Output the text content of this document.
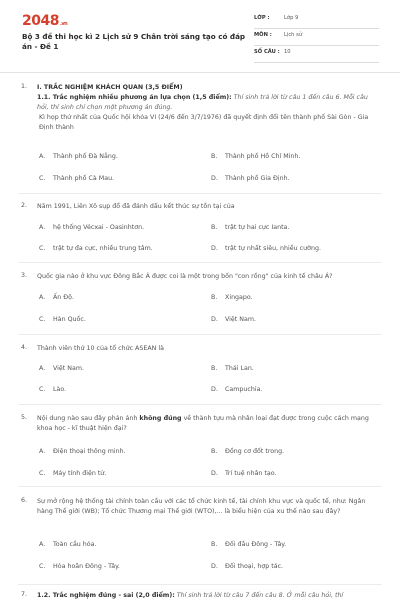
2048.vn
Bộ 3 đề thi học kì 2 Lịch sử 9 Chân trời sáng tạo có đáp án - Đề 1
LỚP :	Lớp 9
MÔN : Lịch sử
SỐ CÂU : 10
1. I. TRẮC NGHIỆM KHÁCH QUAN (3,5 ĐIỂM)
1.1. Trắc nghiệm nhiều phương án lựa chọn (1,5 điểm): Thí sinh trả lời từ câu 1 đến câu 6. Mỗi câu hỏi, thí sinh chỉ chọn một phương án đúng.
Kì họp thứ nhất của Quốc hội khóa VI (24/6 đến 3/7/1976) đã quyết định đổi tên thành phố Sài Gòn - Gia Định thành
A. Thành phố Đà Nẵng.	B. Thành phố Hồ Chí Minh.
C. Thành phố Cà Mau.	D. Thành phố Gia Định.
2. Năm 1991, Liên Xô sụp đổ đã đánh dấu kết thúc sự tồn tại của
A. hệ thống Vécxai - Oasinhtơn.	B. trật tự hai cực Ianta.
C. trật tự đa cực, nhiều trung tâm.	D. trật tự nhất siêu, nhiều cường.
3. Quốc gia nào ở khu vực Đông Bắc Á được coi là một trong bốn "con rồng" của kinh tế châu Á?
A. Ấn Độ.	B. Xingapo.
C. Hàn Quốc.	D. Việt Nam.
4. Thành viên thứ 10 của tổ chức ASEAN là
A. Việt Nam.	B. Thái Lan.
C. Lào.	D. Campuchia.
5. Nội dung nào sau đây phản ánh không đúng về thành tựu mà nhân loại đạt được trong cuộc cách mạng khoa học - kĩ thuật hiện đại?
A. Điện thoại thông minh.	B. Đồng cơ đốt trong.
C. Máy tính điện tử.	D. Trí tuệ nhân tạo.
6. Sự mở rộng hệ thống tài chính toàn cầu với các tổ chức kinh tế, tài chính khu vực và quốc tế, như: Ngân hàng Thế giới (WB); Tổ chức Thương mại Thế giới (WTO),... là biểu hiện của xu thế nào sau đây?
A. Toàn cầu hóa.	B. Đối đầu Đông - Tây.
C. Hòa hoãn Đông - Tây.	D. Đối thoại, hợp tác.
7. 1.2. Trắc nghiệm đúng - sai (2,0 điểm): Thí sinh trả lời từ câu 7 đến câu 8. Ở mỗi câu hỏi, thí
